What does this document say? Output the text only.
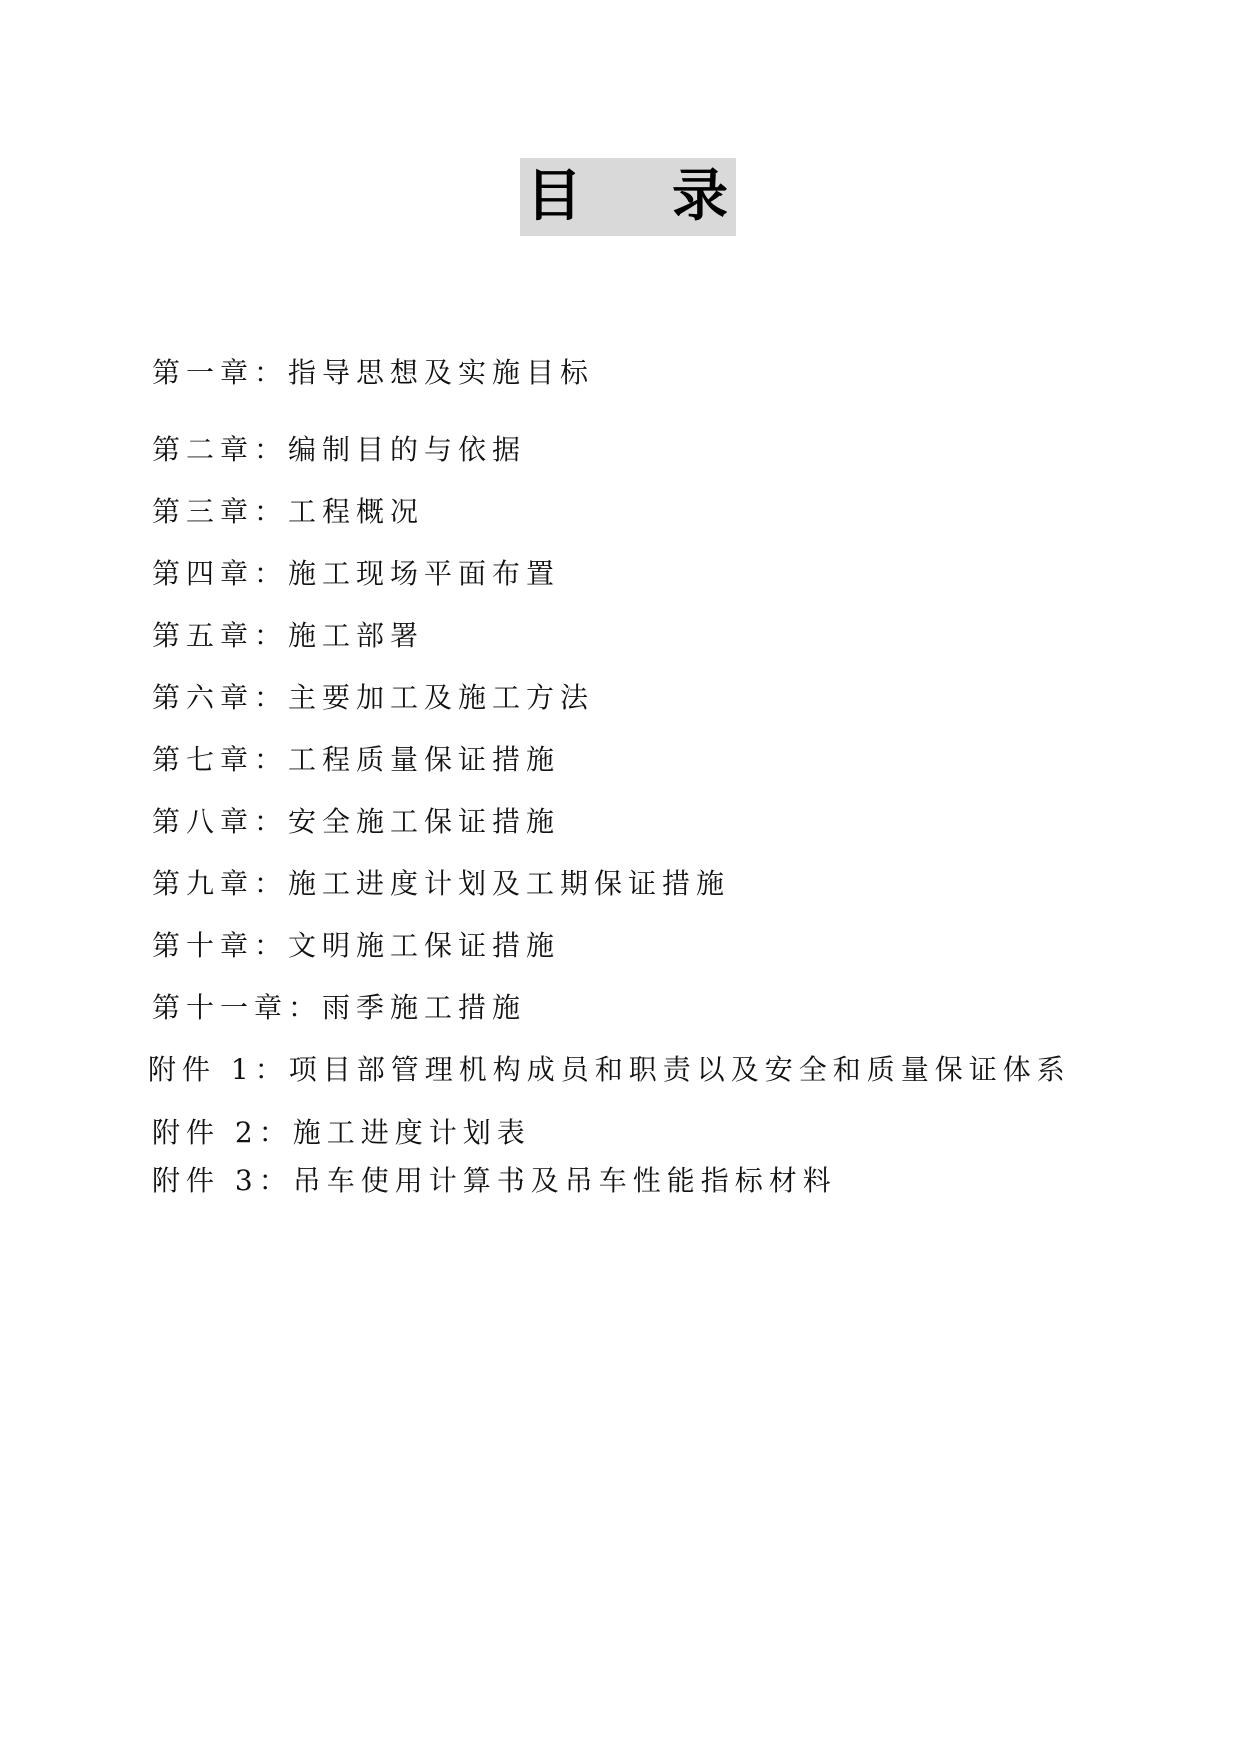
目 录
第一章：指导思想及实施目标
第二章：编制目的与依据
第三章：工程概况
第四章：施工现场平面布置
第五章：施工部署
第六章：主要加工及施工方法
第七章：工程质量保证措施
第八章：安全施工保证措施
第九章：施工进度计划及工期保证措施
第十章：文明施工保证措施
第十一章：雨季施工措施
附件 1：项目部管理机构成员和职责以及安全和质量保证体系
附件 2：施工进度计划表
附件 3：吊车使用计算书及吊车性能指标材料
